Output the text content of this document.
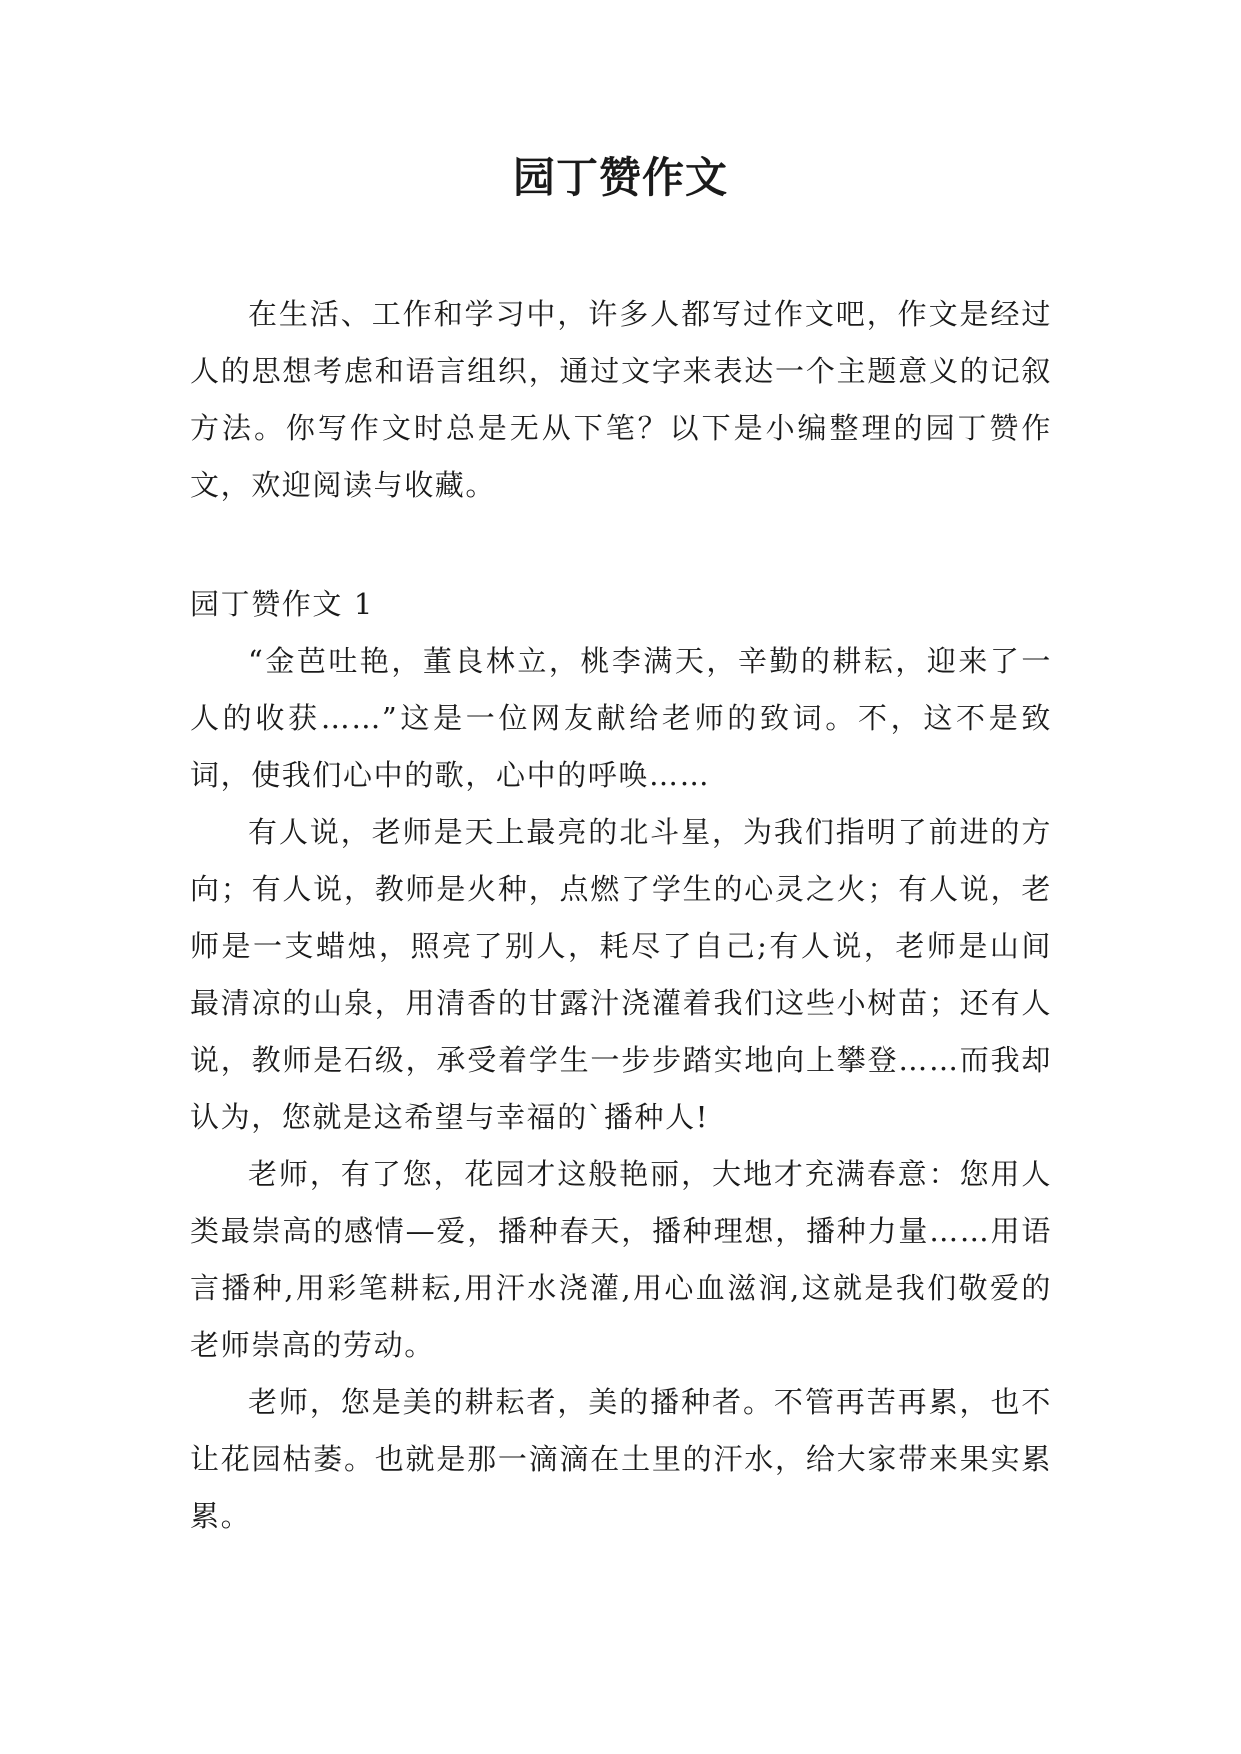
园丁赞作文

在生活、工作和学习中，许多人都写过作文吧，作文是经过人的思想考虑和语言组织，通过文字来表达一个主题意义的记叙方法。你写作文时总是无从下笔？以下是小编整理的园丁赞作文，欢迎阅读与收藏。

园丁赞作文 1

“金芭吐艳，董良林立，桃李满天，辛勤的耕耘，迎来了一人的收获……”这是一位网友献给老师的致词。不，这不是致词，使我们心中的歌，心中的呼唤……

有人说，老师是天上最亮的北斗星，为我们指明了前进的方向；有人说，教师是火种，点燃了学生的心灵之火；有人说，老师是一支蜡烛，照亮了别人，耗尽了自己;有人说，老师是山间最清凉的山泉，用清香的甘露汁浇灌着我们这些小树苗；还有人说，教师是石级，承受着学生一步步踏实地向上攀登……而我却认为，您就是这希望与幸福的`播种人!

老师，有了您，花园才这般艳丽，大地才充满春意：您用人类最崇高的感情—爱，播种春天，播种理想，播种力量……用语言播种,用彩笔耕耘,用汗水浇灌,用心血滋润,这就是我们敬爱的老师崇高的劳动。

老师，您是美的耕耘者，美的播种者。不管再苦再累，也不让花园枯萎。也就是那一滴滴在土里的汗水，给大家带来果实累累。
